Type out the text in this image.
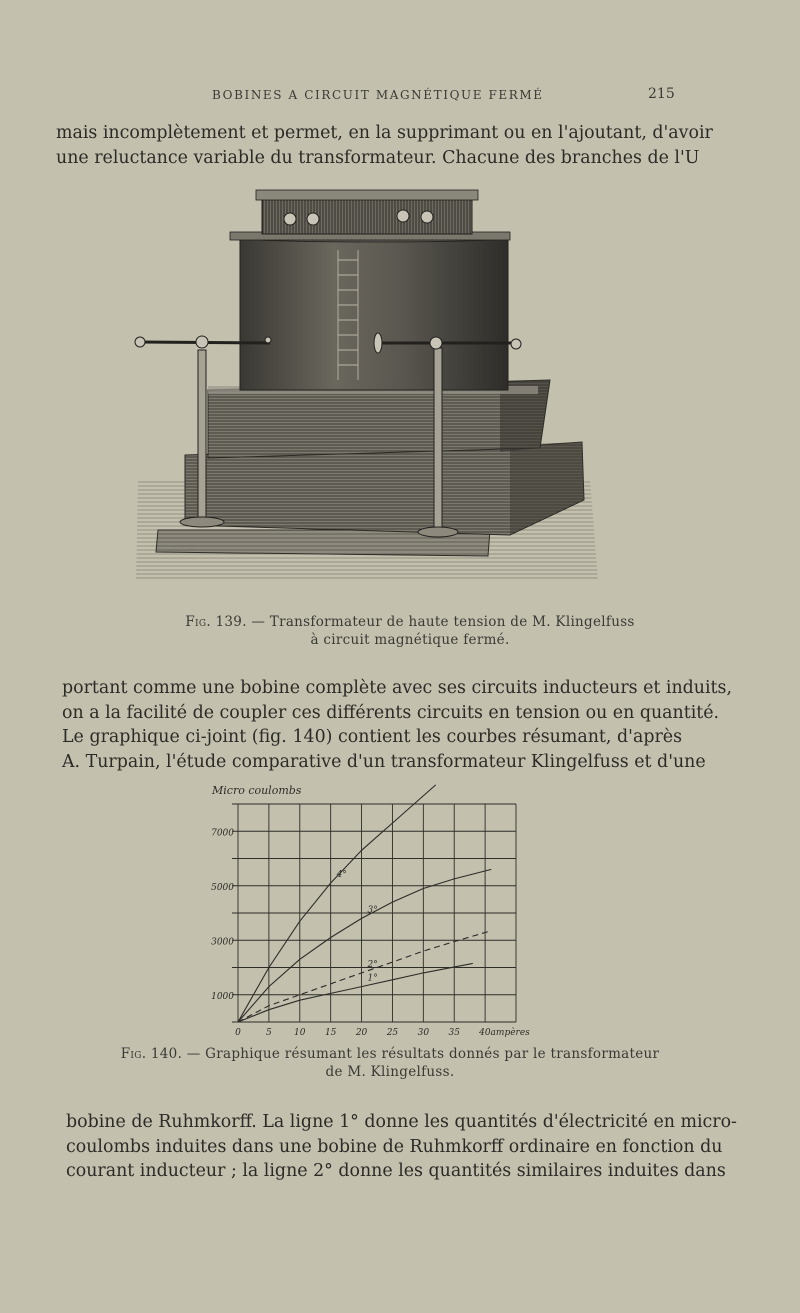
BOBINES A CIRCUIT MAGNÉTIQUE FERMÉ	215
mais incomplètement et permet, en la supprimant ou en l'ajoutant, d'avoir
une reluctance variable du transformateur. Chacune des branches de l'U
Fig. 139. — Transformateur de haute tension de M. Klingelfuss
à circuit magnétique fermé.
portant comme une bobine complète avec ses circuits inducteurs et induits,
on a la facilité de coupler ces différents circuits en tension ou en quantité.
Le graphique ci-joint (fig. 140) contient les courbes résumant, d'après
A. Turpain, l'étude comparative d'un transformateur Klingelfuss et d'une
Micro coulombs
1000
3000
5000
7000
0	5 10 15 20 25 30 35 40ampères
1°
2°
3°
4°
Fig. 140. — Graphique résumant les résultats donnés par le transformateur
de M. Klingelfuss.
bobine de Ruhmkorff. La ligne 1° donne les quantités d'électricité en micro-
coulombs induites dans une bobine de Ruhmkorff ordinaire en fonction du
courant inducteur ; la ligne 2° donne les quantités similaires induites dans
